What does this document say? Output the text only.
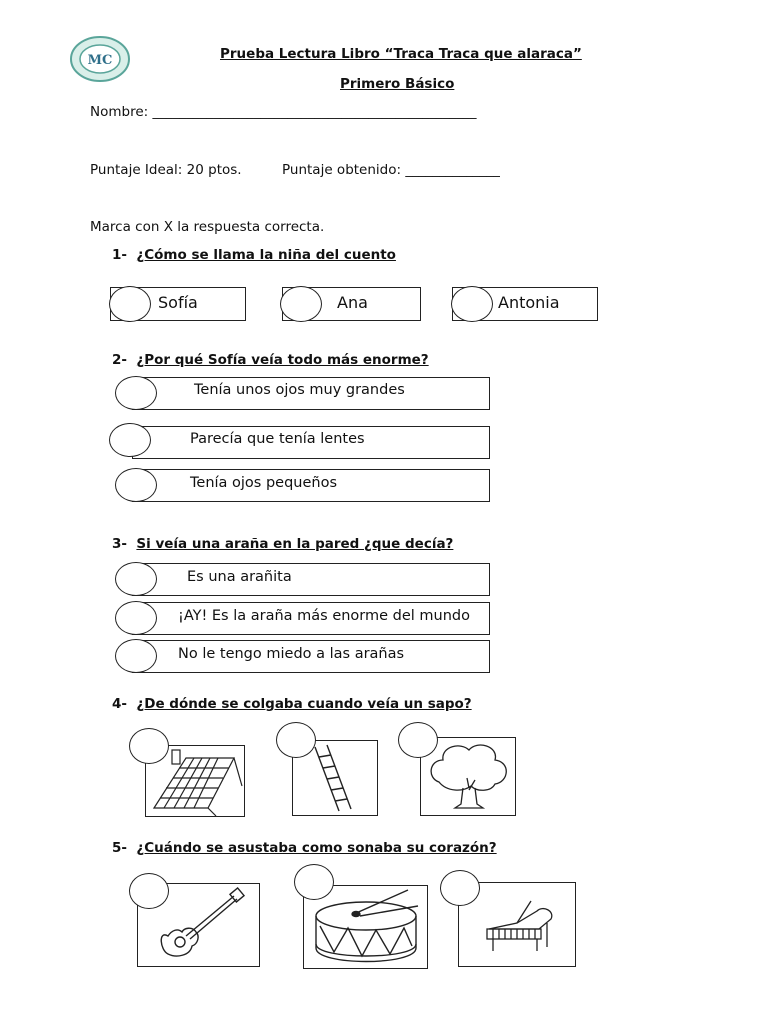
MC	Prueba Lectura Libro “Traca Traca que alaraca”
Primero Básico
Nombre: ________________________________________________
Puntaje Ideal: 20 ptos.	Puntaje obtenido: ______________
Marca con X la respuesta correcta.
1- ¿Cómo se llama la niña del cuento
Sofía	Ana	Antonia
2- ¿Por qué Sofía veía todo más enorme?
Tenía unos ojos muy grandes
Parecía que tenía lentes
Tenía ojos pequeños
3- Si veía una araña en la pared ¿que decía?
Es una arañita
¡AY! Es la araña más enorme del mundo
No le tengo miedo a las arañas
4- ¿De dónde se colgaba cuando veía un sapo?
5- ¿Cuándo se asustaba como sonaba su corazón?
